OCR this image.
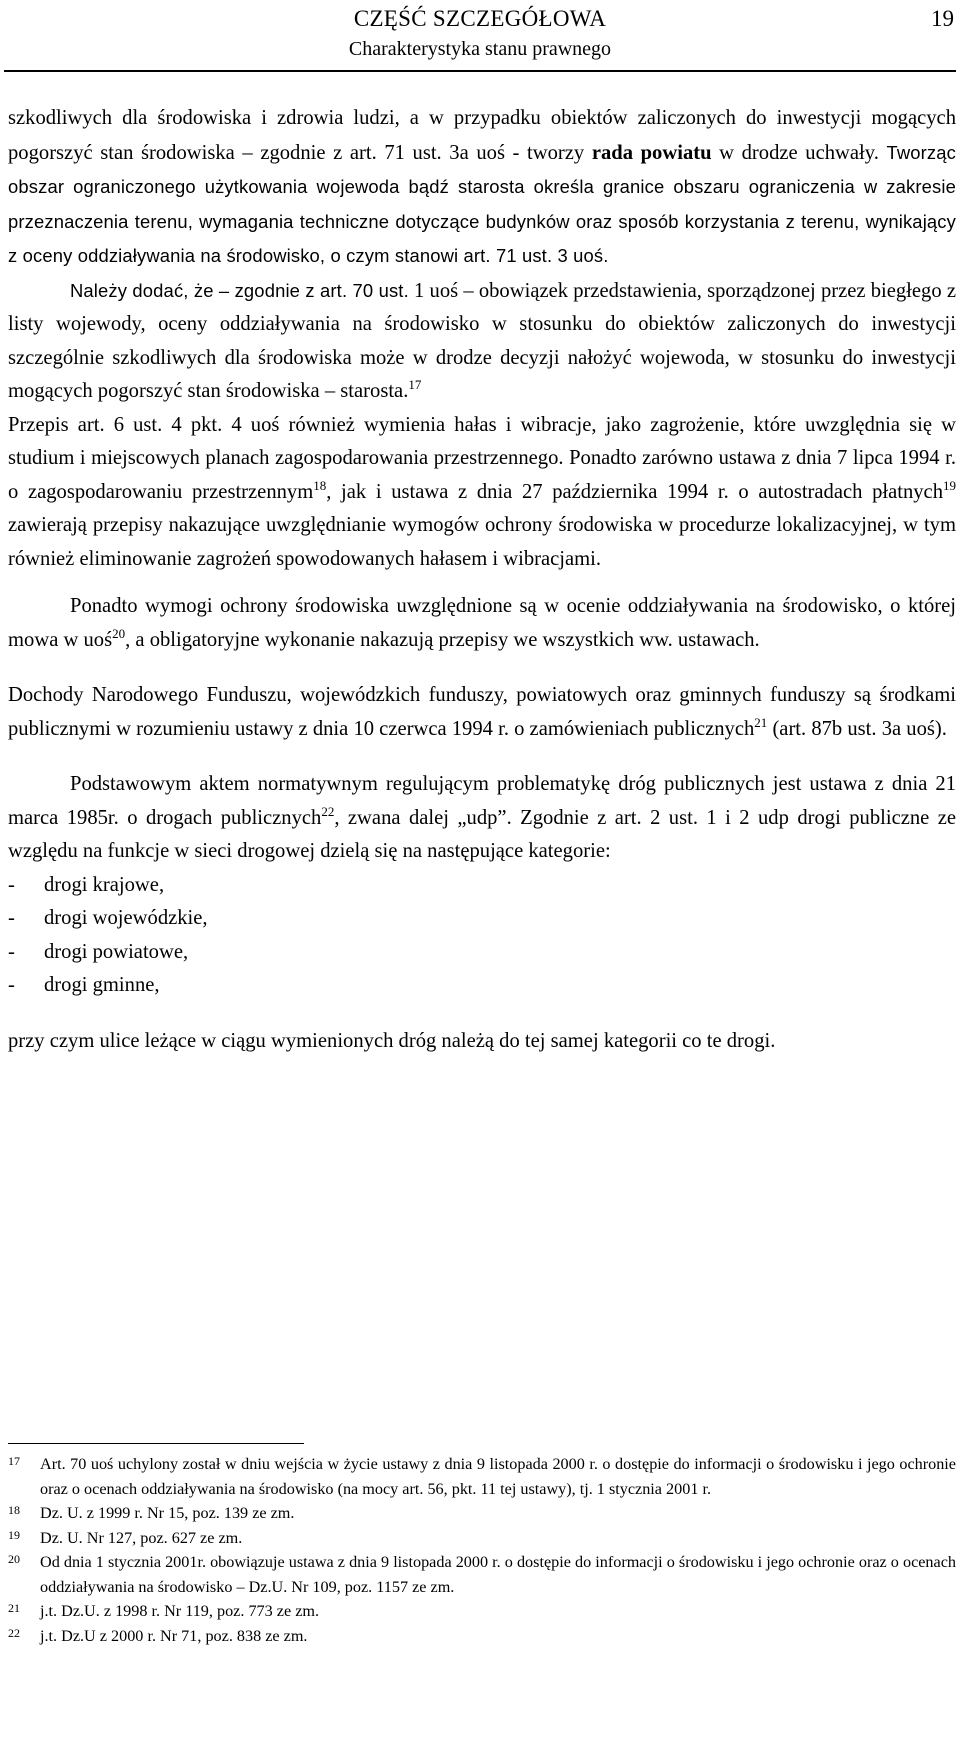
CZĘŚĆ SZCZEGÓŁOWA
Charakterystyka stanu prawnego
19

szkodliwych dla środowiska i zdrowia ludzi, a w przypadku obiektów zaliczonych do inwestycji mogących pogorszyć stan środowiska – zgodnie z art. 71 ust. 3a uoś - tworzy rada powiatu w drodze uchwały. Tworząc obszar ograniczonego użytkowania wojewoda bądź starosta określa granice obszaru ograniczenia w zakresie przeznaczenia terenu, wymagania techniczne dotyczące budynków oraz sposób korzystania z terenu, wynikający z oceny oddziaływania na środowisko, o czym stanowi art. 71 ust. 3 uoś.

Należy dodać, że – zgodnie z art. 70 ust. 1 uoś – obowiązek przedstawienia, sporządzonej przez biegłego z listy wojewody, oceny oddziaływania na środowisko w stosunku do obiektów zaliczonych do inwestycji szczególnie szkodliwych dla środowiska może w drodze decyzji nałożyć wojewoda, w stosunku do inwestycji mogących pogorszyć stan środowiska – starosta.$^{17}$

Przepis art. 6 ust. 4 pkt. 4 uoś również wymienia hałas i wibracje, jako zagrożenie, które uwzględnia się w studium i miejscowych planach zagospodarowania przestrzennego. Ponadto zarówno ustawa z dnia 7 lipca 1994 r. o zagospodarowaniu przestrzennym$^{18}$, jak i ustawa z dnia 27 października 1994 r. o autostradach płatnych$^{19}$ zawierają przepisy nakazujące uwzględnianie wymogów ochrony środowiska w procedurze lokalizacyjnej, w tym również eliminowanie zagrożeń spowodowanych hałasem i wibracjami.

Ponadto wymogi ochrony środowiska uwzględnione są w ocenie oddziaływania na środowisko, o której mowa w uoś$^{20}$, a obligatoryjne wykonanie nakazują przepisy we wszystkich ww. ustawach.

Dochody Narodowego Funduszu, wojewódzkich funduszy, powiatowych oraz gminnych funduszy są środkami publicznymi w rozumieniu ustawy z dnia 10 czerwca 1994 r. o zamówieniach publicznych$^{21}$ (art. 87b ust. 3a uoś).

Podstawowym aktem normatywnym regulującym problematykę dróg publicznych jest ustawa z dnia 21 marca 1985r. o drogach publicznych$^{22}$, zwana dalej „udp”. Zgodnie z art. 2 ust. 1 i 2 udp drogi publiczne ze względu na funkcje w sieci drogowej dzielą się na następujące kategorie:

- drogi krajowe,

- drogi wojewódzkie,

- drogi powiatowe,

- drogi gminne,

przy czym ulice leżące w ciągu wymienionych dróg należą do tej samej kategorii co te drogi.

17 Art. 70 uoś uchylony został w dniu wejścia w życie ustawy z dnia 9 listopada 2000 r. o dostępie do informacji o środowisku i jego ochronie oraz o ocenach oddziaływania na środowisko (na mocy art. 56, pkt. 11 tej ustawy), tj. 1 stycznia 2001 r.

18 Dz. U. z 1999 r. Nr 15, poz. 139 ze zm.

19 Dz. U. Nr 127, poz. 627 ze zm.

20 Od dnia 1 stycznia 2001r. obowiązuje ustawa z dnia 9 listopada 2000 r. o dostępie do informacji o środowisku i jego ochronie oraz o ocenach oddziaływania na środowisko – Dz.U. Nr 109, poz. 1157 ze zm.

21 j.t. Dz.U. z 1998 r. Nr 119, poz. 773 ze zm.

22 j.t. Dz.U z 2000 r. Nr 71, poz. 838 ze zm.
